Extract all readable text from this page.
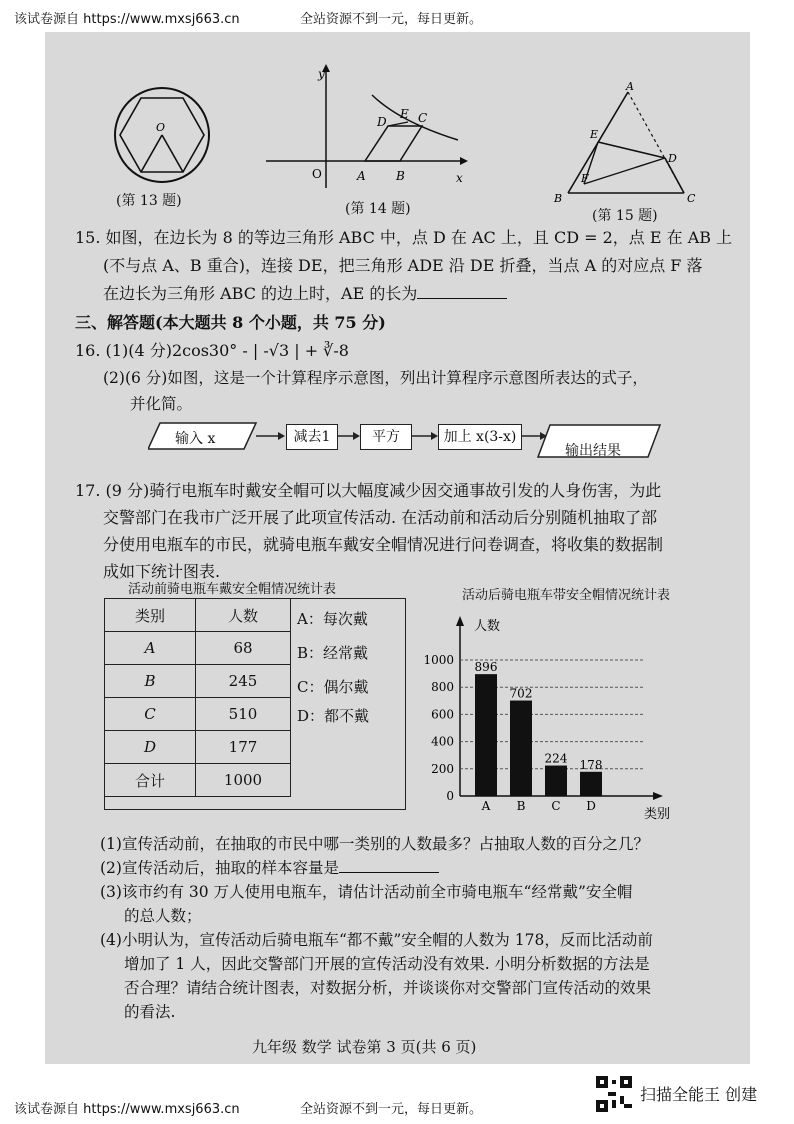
该试卷源自 https://www.mxsj663.cn	全站资源不到一元，每日更新。
O
(第 13 题)
y
x
O	A	B
C
D
E
(第 14 题)
A
B	C
D
E
F
(第 15 题)
15. 如图，在边长为 8 的等边三角形 ABC 中，点 D 在 AC 上，且 CD = 2，点 E 在 AB 上
(不与点 A、B 重合)，连接 DE，把三角形 ADE 沿 DE 折叠，当点 A 的对应点 F 落
在边长为三角形 ABC 的边上时，AE 的长为
三、解答题(本大题共 8 个小题，共 75 分)
16. (1)(4 分)2cos30° - | -√3 | + ∛-8
(2)(6 分)如图，这是一个计算程序示意图，列出计算程序示意图所表达的式子，
并化简。
输入 x	减去1	平方	加上 x(3-x)
输出结果
17. (9 分)骑行电瓶车时戴安全帽可以大幅度减少因交通事故引发的人身伤害，为此
交警部门在我市广泛开展了此项宣传活动. 在活动前和活动后分别随机抽取了部
分使用电瓶车的市民，就骑电瓶车戴安全帽情况进行问卷调查，将收集的数据制
成如下统计图表.
活动前骑电瓶车戴安全帽情况统计表
类别	人数
A	68
B	245
C	510
D	177
合计	1000
A：每次戴
B：经常戴
C：偶尔戴
D：都不戴
活动后骑电瓶车带安全帽情况统计表
人数
类别
0
200
400
600
800
1000
896
A
702
B
224
C
178
D
(1)宣传活动前，在抽取的市民中哪一类别的人数最多？占抽取人数的百分之几？
(2)宣传活动后，抽取的样本容量是
(3)该市约有 30 万人使用电瓶车，请估计活动前全市骑电瓶车“经常戴”安全帽
的总人数；
(4)小明认为，宣传活动后骑电瓶车“都不戴”安全帽的人数为 178，反而比活动前
增加了 1 人，因此交警部门开展的宣传活动没有效果. 小明分析数据的方法是
否合理？请结合统计图表，对数据分析，并谈谈你对交警部门宣传活动的效果
的看法.
九年级 数学 试卷第 3 页(共 6 页)
该试卷源自 https://www.mxsj663.cn	全站资源不到一元，每日更新。
扫描全能王 创建
